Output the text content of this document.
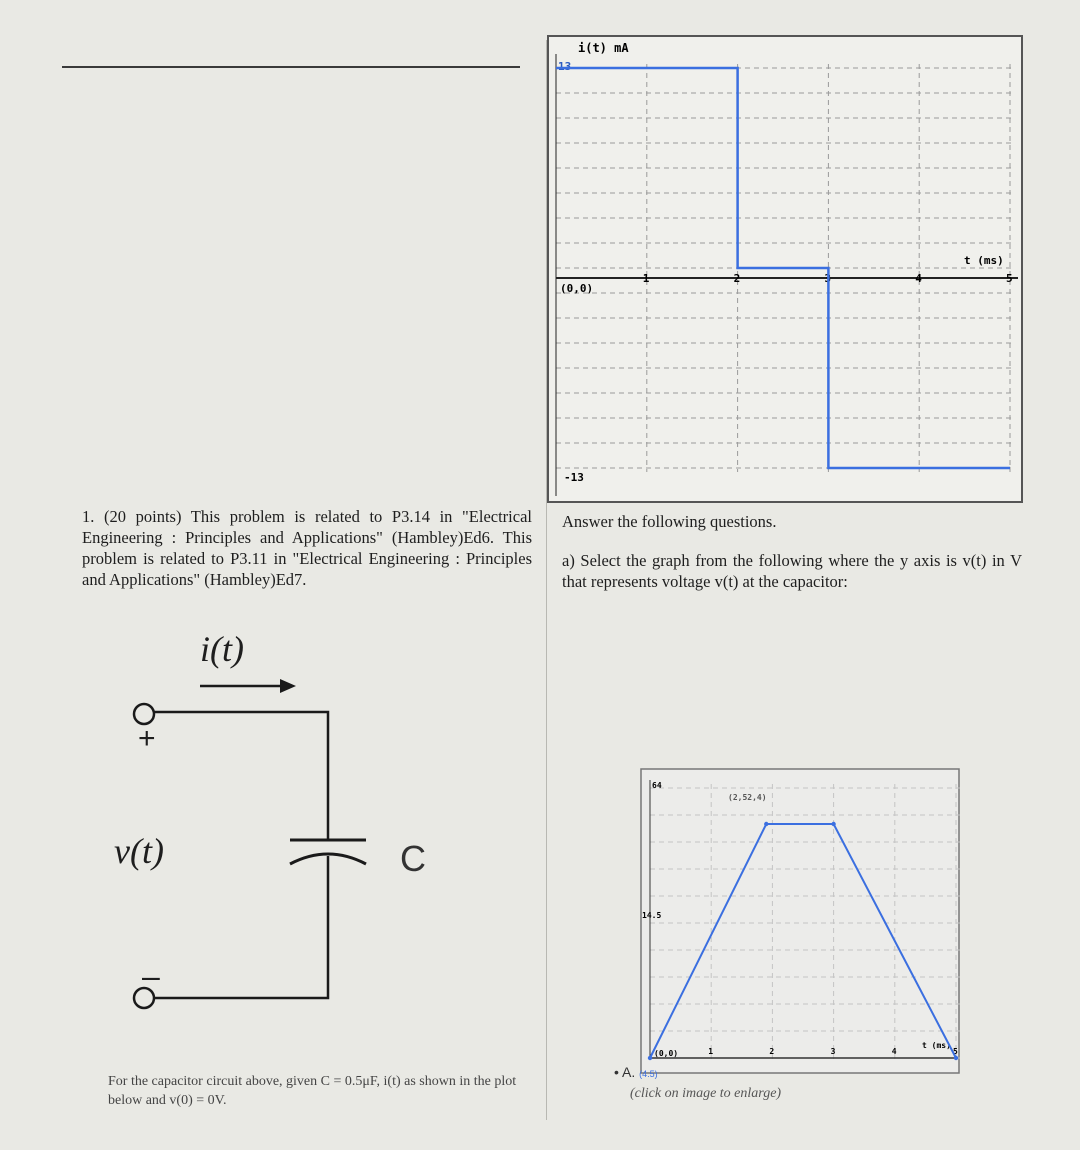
i(t) mA
13
-13
(0,0)
t (ms)
1	2	3	4	5
1. (20 points) This problem is related to P3.14 in "Electrical Engineering : Principles and Applications" (Hambley)Ed6. This problem is related to P3.11 in "Electrical Engineering : Principles and Applications" (Hambley)Ed7.
i(t)
+
v(t)	C
–
For the capacitor circuit above, given C = 0.5μF, i(t) as shown in the plot below and v(0) = 0V.
Answer the following questions.
a) Select the graph from the following where the y axis is v(t) in V that represents voltage v(t) at the capacitor:
64
14.5
(2,52,4)
(0,0)
t (ms)
1	2	3	4	5
• A. (4.5)
(click on image to enlarge)
